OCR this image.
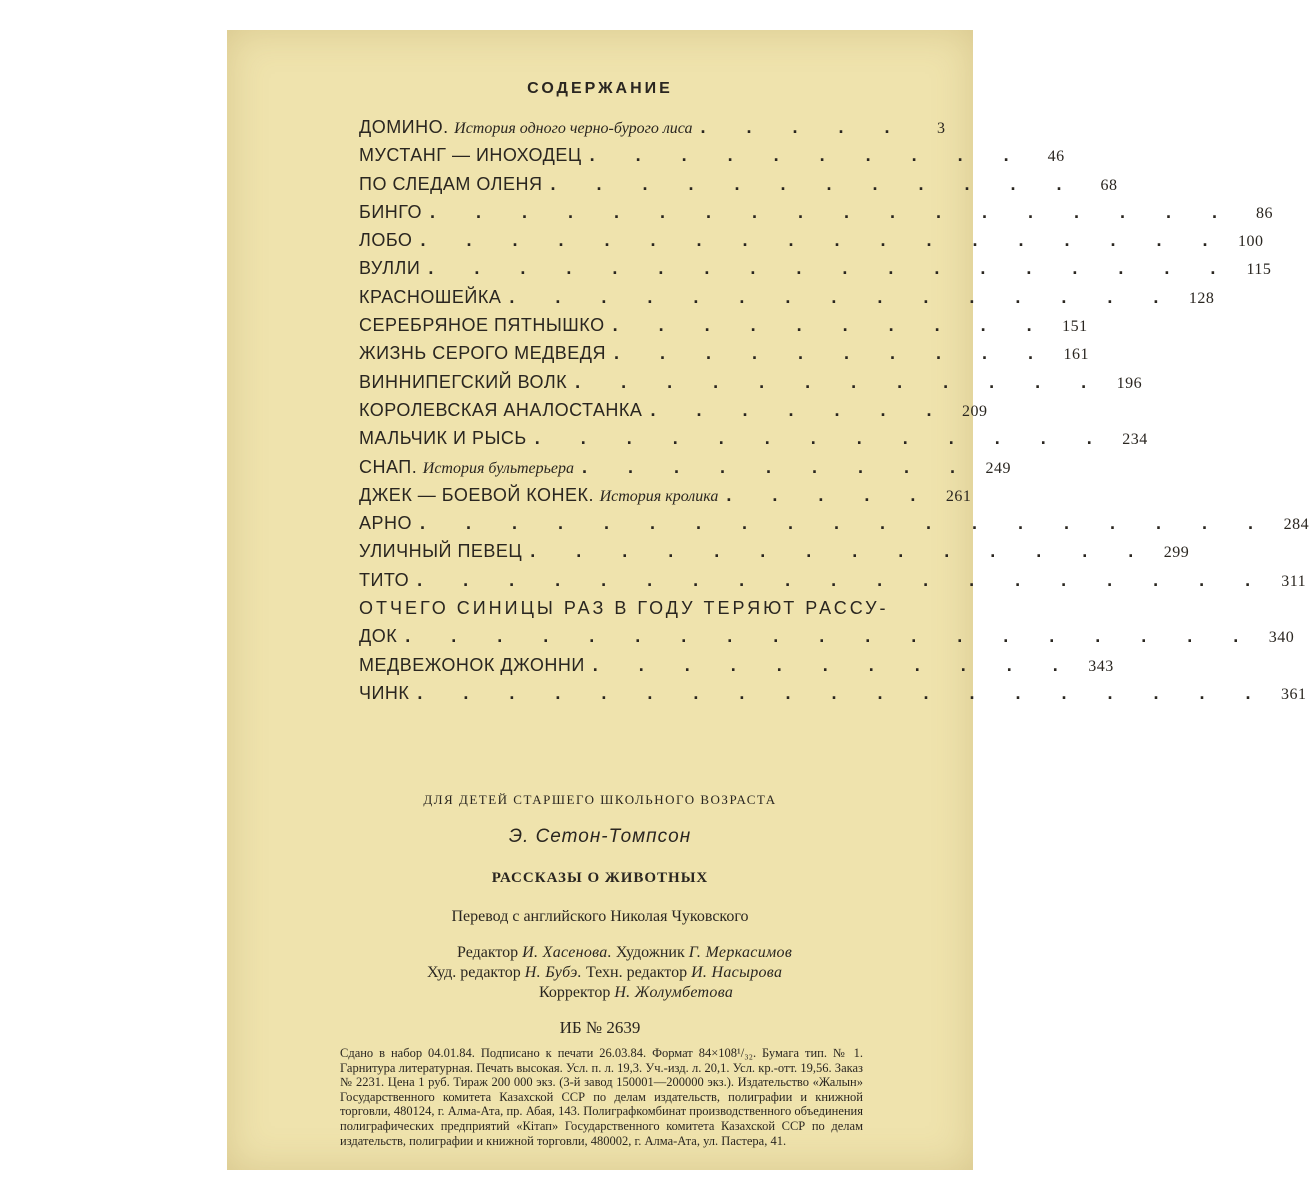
СОДЕРЖАНИЕ
ДОМИНО. История одного черно-бурого лиса . . . . .	3
МУСТАНГ — ИНОХОДЕЦ . . . . . . . . . .	46
ПО СЛЕДАМ ОЛЕНЯ . . . . . . . . . . . .	68
БИНГО . . . . . . . . . . . . . . . . . .	86
ЛОБО . . . . . . . . . . . . . . . . . . 100
ВУЛЛИ . . . . . . . . . . . . . . . . . . 115
КРАСНОШЕЙКА . . . . . . . . . . . . . . . 128
СЕРЕБРЯНОЕ ПЯТНЫШКО . . . . . . . . . . 151
ЖИЗНЬ СЕРОГО МЕДВЕДЯ . . . . . . . . . . 161
ВИННИПЕГСКИЙ ВОЛК . . . . . . . . . . . . 196
КОРОЛЕВСКАЯ АНАЛОСТАНКА . . . . . . . 209
МАЛЬЧИК И РЫСЬ . . . . . . . . . . . . . 234
СНАП. История бультерьера . . . . . . . . . 249
ДЖЕК — БОЕВОЙ КОНЕК. История кролика . . . . . 261
АРНО . . . . . . . . . . . . . . . . . . . 284
УЛИЧНЫЙ ПЕВЕЦ . . . . . . . . . . . . . . 299
ТИТО . . . . . . . . . . . . . . . . . . . 311
ОТЧЕГО СИНИЦЫ РАЗ В ГОДУ ТЕРЯЮТ РАССУ-
ДОК . . . . . . . . . . . . . . . . . . . 340
МЕДВЕЖОНОК ДЖОННИ . . . . . . . . . . . 343
ЧИНК . . . . . . . . . . . . . . . . . . . 361
ДЛЯ ДЕТЕЙ СТАРШЕГО ШКОЛЬНОГО ВОЗРАСТА
Э. Сетон-Томпсон
РАССКАЗЫ О ЖИВОТНЫХ
Перевод с английского Николая Чуковского
Редактор И. Хасенова. Художник Г. Меркасимов
Худ. редактор Н. Бубэ. Техн. редактор И. Насырова
Корректор Н. Жолумбетова
ИБ № 2639
Сдано в набор 04.01.84. Подписано к печати 26.03.84. Формат 84×108¹/₃₂. Бумага тип. № 1. Гарнитура литературная. Печать высокая. Усл. п. л. 19,3. Уч.-изд. л. 20,1. Усл. кр.-отт. 19,56. Заказ № 2231. Цена 1 руб. Тираж 200 000 экз. (3-й завод 150001—200000 экз.). Издательство «Жалын» Государственного комитета Казахской ССР по делам издательств, полиграфии и книжной торговли, 480124, г. Алма-Ата, пр. Абая, 143. Полиграфкомбинат производственного объединения полиграфических предприятий «Кітап» Государственного комитета Казахской ССР по делам издательств, полиграфии и книжной торговли, 480002, г. Алма-Ата, ул. Пастера, 41.
